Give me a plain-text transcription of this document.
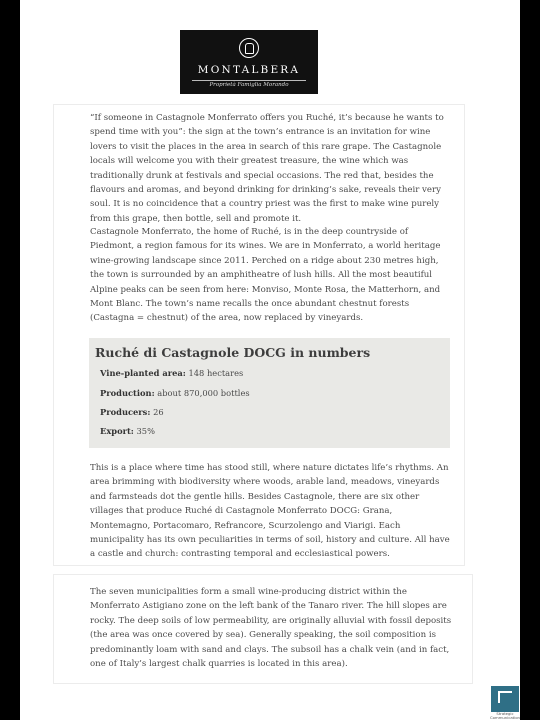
MONTALBERA
Proprietà Famiglia Morando

“If someone in Castagnole Monferrato offers you Ruché, it’s because he wants to spend time with you”: the sign at the town’s entrance is an invitation for wine lovers to visit the places in the area in search of this rare grape. The Castagnole locals will welcome you with their greatest treasure, the wine which was traditionally drunk at festivals and special occasions. The red that, besides the flavours and aromas, and beyond drinking for drinking’s sake, reveals their very soul. It is no coincidence that a country priest was the first to make wine purely from this grape, then bottle, sell and promote it.

Castagnole Monferrato, the home of Ruché, is in the deep countryside of Piedmont, a region famous for its wines. We are in Monferrato, a world heritage wine-growing landscape since 2011. Perched on a ridge about 230 metres high, the town is surrounded by an amphitheatre of lush hills. All the most beautiful Alpine peaks can be seen from here: Monviso, Monte Rosa, the Matterhorn, and Mont Blanc. The town’s name recalls the once abundant chestnut forests (Castagna = chestnut) of the area, now replaced by vineyards.

Ruché di Castagnole DOCG in numbers
Vine-planted area: 148 hectares
Production: about 870,000 bottles
Producers: 26
Export: 35%

This is a place where time has stood still, where nature dictates life’s rhythms. An area brimming with biodiversity where woods, arable land, meadows, vineyards and farmsteads dot the gentle hills. Besides Castagnole, there are six other villages that produce Ruché di Castagnole Monferrato DOCG: Grana, Montemagno, Portacomaro, Refrancore, Scurzolengo and Viarigi. Each municipality has its own peculiarities in terms of soil, history and culture. All have a castle and church: contrasting temporal and ecclesiastical powers.

The seven municipalities form a small wine-producing district within the Monferrato Astigiano zone on the left bank of the Tanaro river. The hill slopes are rocky. The deep soils of low permeability, are originally alluvial with fossil deposits (the area was once covered by sea). Generally speaking, the soil composition is predominantly loam with sand and clays. The subsoil has a chalk vein (and in fact, one of Italy’s largest chalk quarries is located in this area).

Strategic Communication
